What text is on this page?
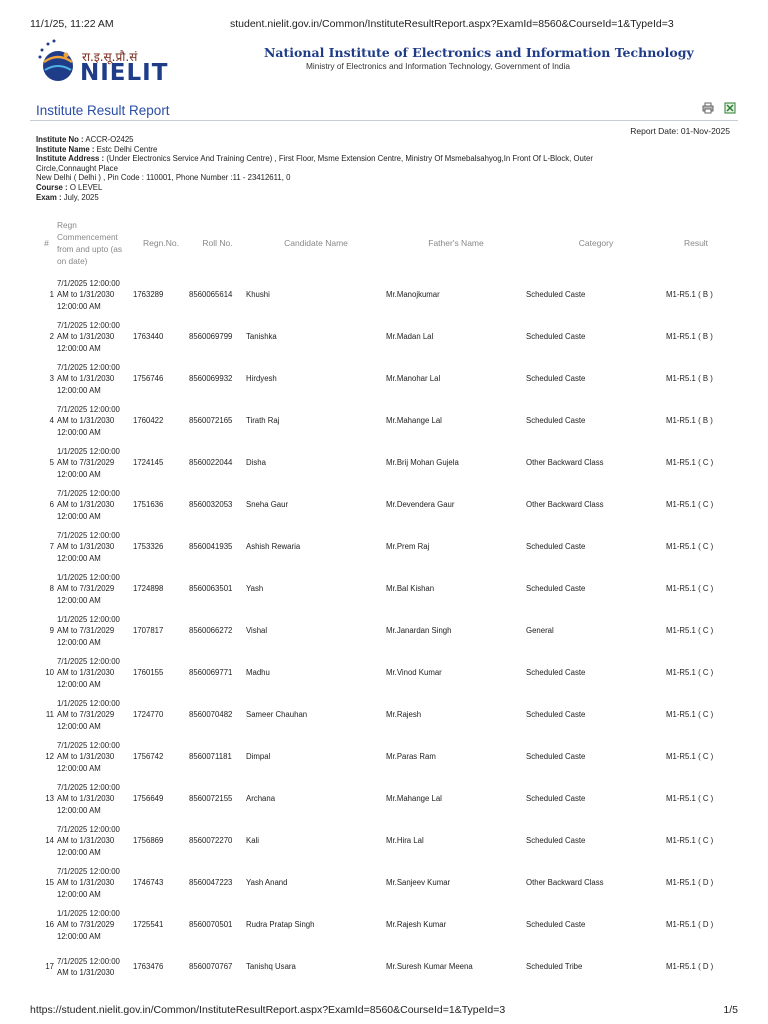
11/1/25, 11:22 AM	student.nielit.gov.in/Common/InstituteResultReport.aspx?ExamId=8560&CourseId=1&TypeId=3
रा.इ.सू.प्रौ.सं
NIELIT
National Institute of Electronics and Information Technology
Ministry of Electronics and Information Technology, Government of India
Institute Result Report

Report Date: 01-Nov-2025
Institute No : ACCR-O2425
Institute Name : Estc Delhi Centre
Institute Address : (Under Electronics Service And Training Centre) , First Floor, Msme Extension Centre, Ministry Of Msmebalsahyog,In Front Of L-Block, Outer Circle,Connaught Place
New Delhi ( Delhi ) , Pin Code : 110001, Phone Number :11 - 23412611, 0
Course : O LEVEL
Exam : July, 2025
#	Regn Commencement from and upto (as on date)	Regn.No.	Roll No.	Candidate Name	Father's Name	Category	Result
1	7/1/2025 12:00:00 AM to 1/31/2030 12:00:00 AM	1763289	8560065614	Khushi	Mr.Manojkumar	Scheduled Caste	M1-R5.1 ( B )
2	7/1/2025 12:00:00 AM to 1/31/2030 12:00:00 AM	1763440	8560069799	Tanishka	Mr.Madan Lal	Scheduled Caste	M1-R5.1 ( B )
3	7/1/2025 12:00:00 AM to 1/31/2030 12:00:00 AM	1756746	8560069932	Hirdyesh	Mr.Manohar Lal	Scheduled Caste	M1-R5.1 ( B )
4	7/1/2025 12:00:00 AM to 1/31/2030 12:00:00 AM	1760422	8560072165	Tirath Raj	Mr.Mahange Lal	Scheduled Caste	M1-R5.1 ( B )
5	1/1/2025 12:00:00 AM to 7/31/2029 12:00:00 AM	1724145	8560022044	Disha	Mr.Brij Mohan Gujela	Other Backward Class	M1-R5.1 ( C )
6	7/1/2025 12:00:00 AM to 1/31/2030 12:00:00 AM	1751636	8560032053	Sneha Gaur	Mr.Devendera Gaur	Other Backward Class	M1-R5.1 ( C )
7	7/1/2025 12:00:00 AM to 1/31/2030 12:00:00 AM	1753326	8560041935	Ashish Rewaria	Mr.Prem Raj	Scheduled Caste	M1-R5.1 ( C )
8	1/1/2025 12:00:00 AM to 7/31/2029 12:00:00 AM	1724898	8560063501	Yash	Mr.Bal Kishan	Scheduled Caste	M1-R5.1 ( C )
9	1/1/2025 12:00:00 AM to 7/31/2029 12:00:00 AM	1707817	8560066272	Vishal	Mr.Janardan Singh	General	M1-R5.1 ( C )
10	7/1/2025 12:00:00 AM to 1/31/2030 12:00:00 AM	1760155	8560069771	Madhu	Mr.Vinod Kumar	Scheduled Caste	M1-R5.1 ( C )
11	1/1/2025 12:00:00 AM to 7/31/2029 12:00:00 AM	1724770	8560070482	Sameer Chauhan	Mr.Rajesh	Scheduled Caste	M1-R5.1 ( C )
12	7/1/2025 12:00:00 AM to 1/31/2030 12:00:00 AM	1756742	8560071181	Dimpal	Mr.Paras Ram	Scheduled Caste	M1-R5.1 ( C )
13	7/1/2025 12:00:00 AM to 1/31/2030 12:00:00 AM	1756649	8560072155	Archana	Mr.Mahange Lal	Scheduled Caste	M1-R5.1 ( C )
14	7/1/2025 12:00:00 AM to 1/31/2030 12:00:00 AM	1756869	8560072270	Kali	Mr.Hira Lal	Scheduled Caste	M1-R5.1 ( C )
15	7/1/2025 12:00:00 AM to 1/31/2030 12:00:00 AM	1746743	8560047223	Yash Anand	Mr.Sanjeev Kumar	Other Backward Class	M1-R5.1 ( D )
16	1/1/2025 12:00:00 AM to 7/31/2029 12:00:00 AM	1725541	8560070501	Rudra Pratap Singh	Mr.Rajesh Kumar	Scheduled Caste	M1-R5.1 ( D )
17	7/1/2025 12:00:00 AM to 1/31/2030	1763476	8560070767	Tanishq Usara	Mr.Suresh Kumar Meena	Scheduled Tribe	M1-R5.1 ( D )
https://student.nielit.gov.in/Common/InstituteResultReport.aspx?ExamId=8560&CourseId=1&TypeId=3	1/5
